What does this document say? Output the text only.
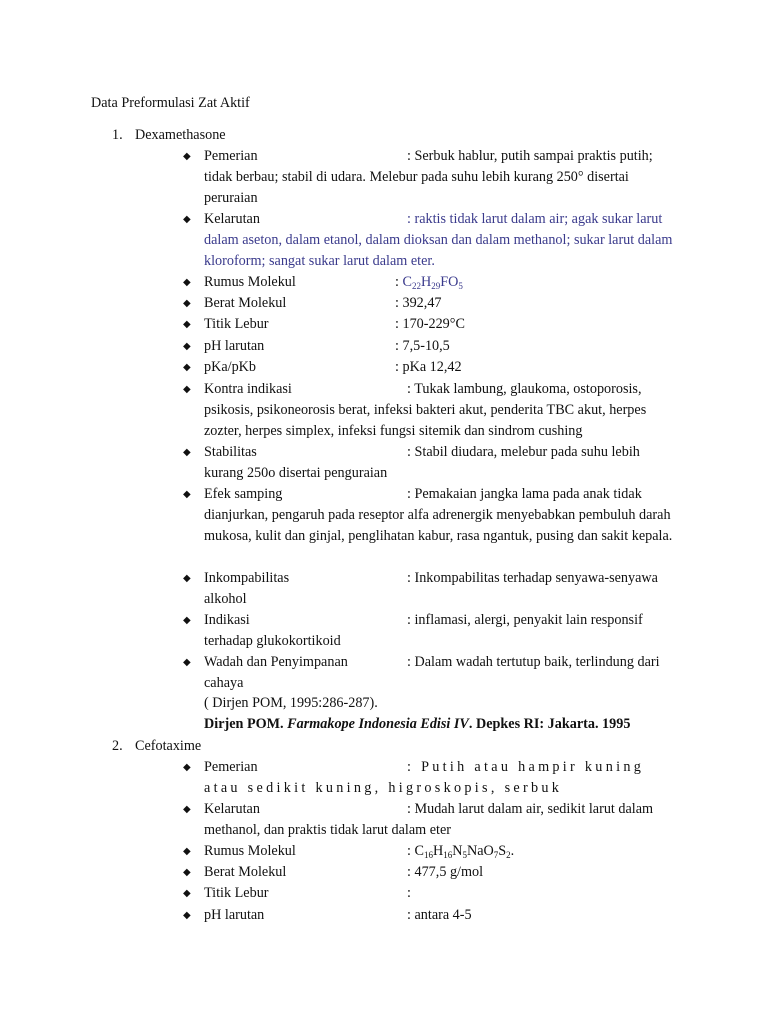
Data Preformulasi Zat Aktif
1. Dexamethasone
◆ Pemerian	: Serbuk hablur, putih sampai praktis putih; tidak berbau; stabil di udara. Melebur pada suhu lebih kurang 250° disertai peruraian
◆ Kelarutan	: raktis tidak larut dalam air; agak sukar larut dalam aseton, dalam etanol, dalam dioksan dan dalam methanol; sukar larut dalam kloroform; sangat sukar larut dalam eter.
◆ Rumus Molekul	: $C_{22}H_{29}FO_5$
◆ Berat Molekul	: 392,47
◆ Titik Lebur	: 170-229°C
◆ pH larutan	: 7,5-10,5
◆ pKa/pKb	: pKa 12,42
◆ Kontra indikasi	: Tukak lambung, glaukoma, ostoporosis, psikosis, psikoneorosis berat, infeksi bakteri akut, penderita TBC akut, herpes zozter, herpes simplex, infeksi fungsi sitemik dan sindrom cushing
◆ Stabilitas	: Stabil diudara, melebur pada suhu lebih kurang 250o disertai penguraian
◆ Efek samping	: Pemakaian jangka lama pada anak tidak dianjurkan, pengaruh pada reseptor alfa adrenergik menyebabkan pembuluh darah mukosa, kulit dan ginjal, penglihatan kabur, rasa ngantuk, pusing dan sakit kepala.
◆ Inkompabilitas	: Inkompabilitas terhadap senyawa-senyawa alkohol
◆ Indikasi	: inflamasi, alergi, penyakit lain responsif
terhadap glukokortikoid
◆ Wadah dan Penyimpanan	: Dalam wadah tertutup baik, terlindung dari cahaya
( Dirjen POM, 1995:286-287).
Dirjen POM. Farmakope Indonesia Edisi IV. Depkes RI: Jakarta. 1995
2. Cefotaxime
◆ Pemerian	: Putih atau hampir kuning atau sedikit kuning, higroskopis, serbuk
◆ Kelarutan	: Mudah larut dalam air, sedikit larut dalam methanol, dan praktis tidak larut dalam eter
◆ Rumus Molekul	: $C_{16}H_{16}N_5NaO_7S_2$.
◆ Berat Molekul	: 477,5 g/mol
◆ Titik Lebur	:
◆ pH larutan	: antara 4-5
